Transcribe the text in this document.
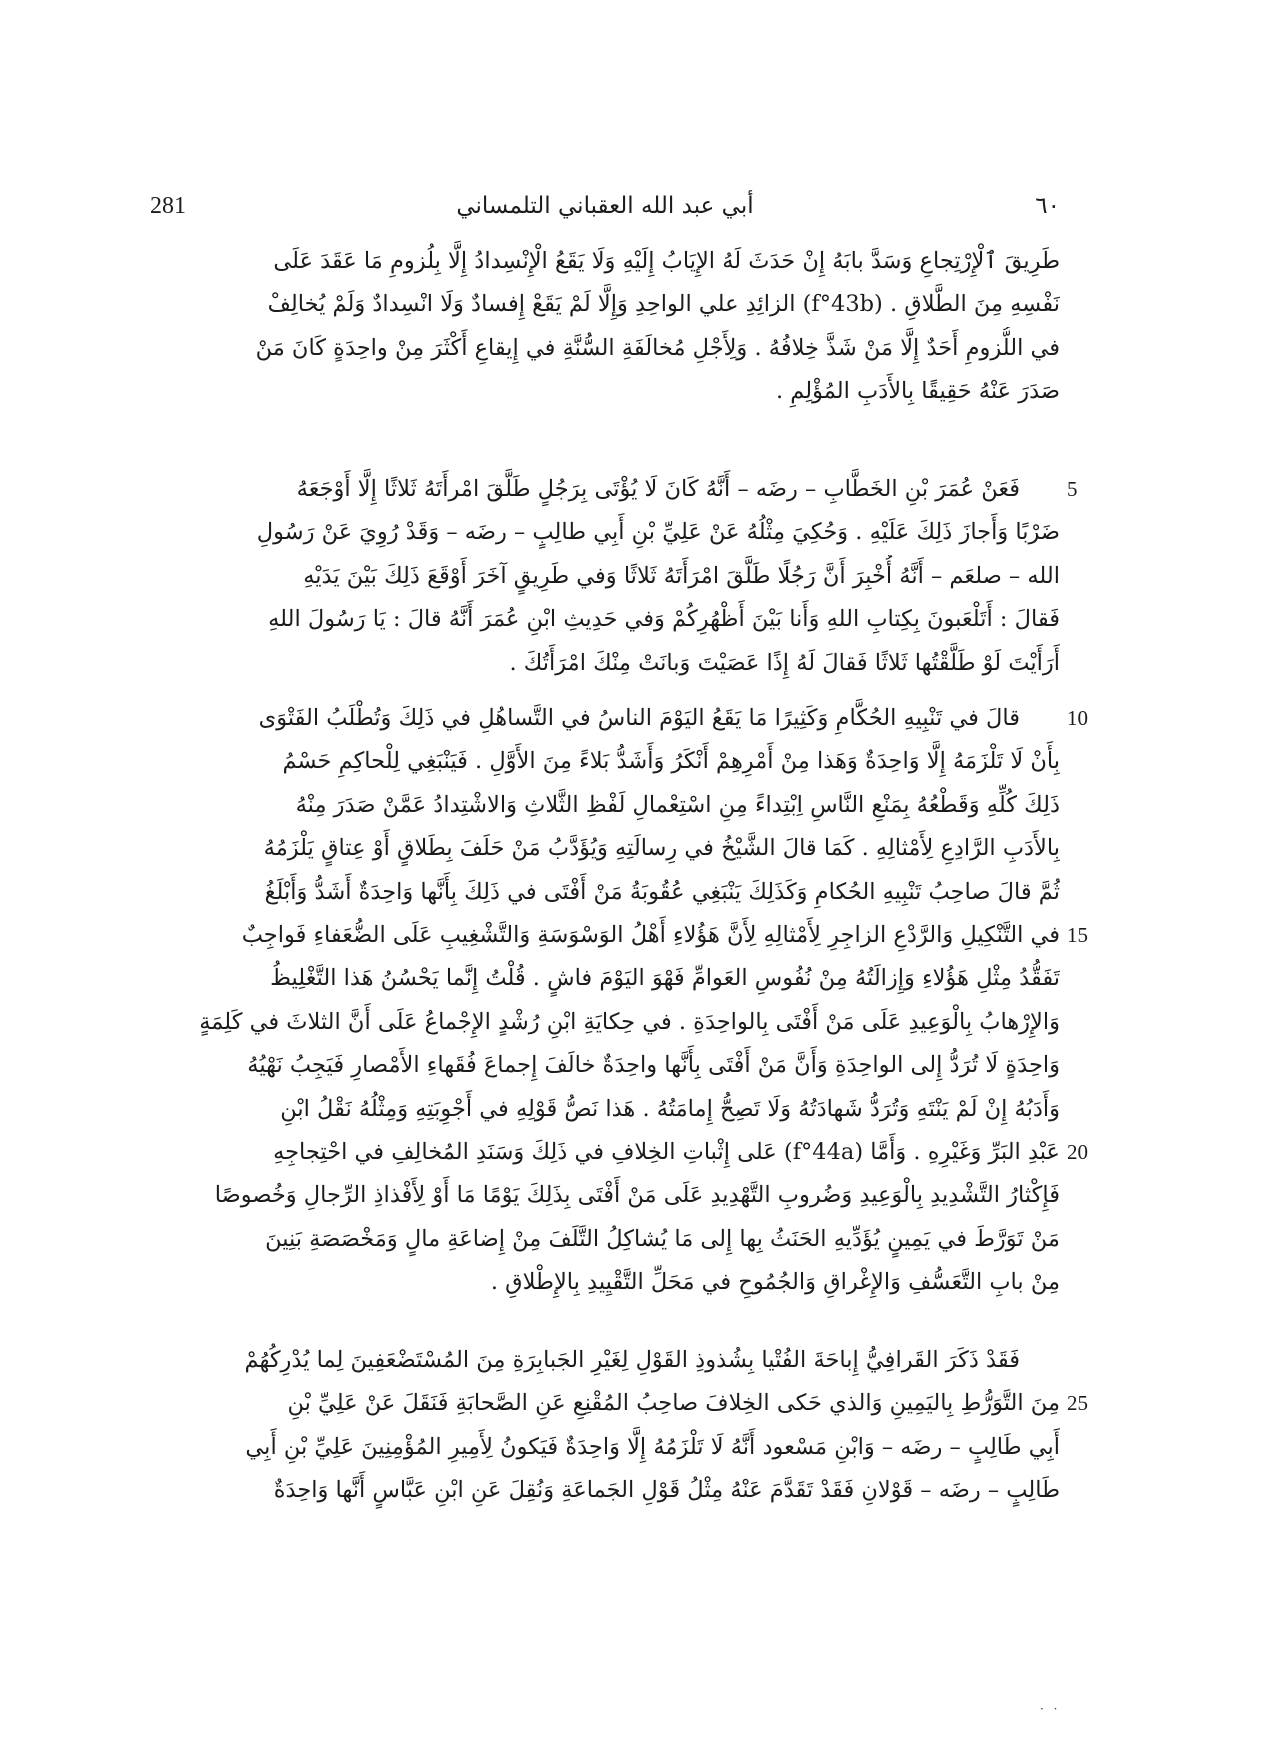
281	أبي عبد الله العقباني التلمساني	٦٠
طَرِيقَ ٱلْإِرْتِجاعِ وَسَدَّ بابَهُ إِنْ حَدَثَ لَهُ الإِيَابُ إِلَيْهِ وَلَا يَقَعُ الْإِنْسِدادُ إِلَّا بِلُزومِ مَا عَقَدَ عَلَى
نَفْسِهِ مِنَ الطَّلاقِ . (f°43b) الزائِدِ علي الواحِدِ وَإِلَّا لَمْ يَقَعْ إِفسادٌ وَلَا انْسِدادٌ وَلَمْ يُخالِفْ
في اللُّزومِ أَحَدٌ إِلَّا مَنْ شَذَّ خِلافُهُ . وَلِأَجْلِ مُخالَفَةِ السُّنَّةِ في إِيقاعِ أَكْثَرَ مِنْ واحِدَةٍ كَانَ مَنْ
صَدَرَ عَنْهُ حَقِيقًا بِالأَدَبِ المُؤْلِمِ .
فَعَنْ عُمَرَ بْنِ الخَطَّابِ – رضَه – أَنَّهُ كَانَ لَا يُؤْتَى بِرَجُلٍ طَلَّقَ امْرأَتَهُ ثَلاثًا إِلَّا أَوْجَعَهُ
ضَرْبًا وَأَجازَ ذَلِكَ عَلَيْهِ . وَحُكِيَ مِثْلُهُ عَنْ عَلِيِّ بْنِ أَبِي طالِبٍ – رضَه – وَقَدْ رُوِيَ عَنْ رَسُولِ
الله – صلعَم – أَنَّهُ أُخْبِرَ أَنَّ رَجُلًا طَلَّقَ امْرَأَتَهُ ثَلاثًا وَفي طَرِيقٍ آخَرَ أَوْقَعَ ذَلِكَ بَيْنَ يَدَيْهِ
فَقالَ : أَتَلْعَبونَ بِكِتابِ اللهِ وَأَنا بَيْنَ أَظْهُرِكُمْ وَفي حَدِيثِ ابْنِ عُمَرَ أَنَّهُ قالَ : يَا رَسُولَ اللهِ
أَرَأَيْتَ لَوْ طَلَّقْتُها ثَلاثًا فَقالَ لَهُ إِذًا عَصَيْتَ وَبانَتْ مِنْكَ امْرَأَتُكَ .
قالَ في تَنْبِيهِ الحُكَّامِ وَكَثِيرًا مَا يَقَعُ اليَوْمَ الناسُ في التَّساهُلِ في ذَلِكَ وَتُطْلَبُ الفَتْوَى
بِأَنْ لَا تَلْزَمَهُ إِلَّا وَاحِدَةٌ وَهَذا مِنْ أَمْرِهِمْ أَنْكَرُ وَأَشَدُّ بَلاءً مِنَ الأَوَّلِ . فَيَنْبَغِي لِلْحاكِمِ حَسْمُ
ذَلِكَ كُلِّهِ وَقَطْعُهُ بِمَنْعِ النَّاسِ اِبْتِداءً مِنِ اسْتِعْمالِ لَفْظِ الثَّلاثِ وَالاشْتِدادُ عَمَّنْ صَدَرَ مِنْهُ
بِالأَدَبِ الرَّادِعِ لِأَمْثالِهِ . كَمَا قالَ الشَّيْخُ في رِسالَتِهِ وَيُؤَدَّبُ مَنْ حَلَفَ بِطَلاقٍ أَوْ عِتاقٍ يَلْزَمُهُ
ثُمَّ قالَ صاحِبُ تَنْبِيهِ الحُكامِ وَكَذَلِكَ يَنْبَغِي عُقُوبَةُ مَنْ أَفْتَى في ذَلِكَ بِأَنَّها وَاحِدَةٌ أَشَدُّ وَأَبْلَغُ
في التَّنْكِيلِ وَالرَّدْعِ الزاجِرِ لِأَمْثالِهِ لِأَنَّ هَؤُلاءِ أَهْلُ الوَسْوَسَةِ وَالتَّشْغِيبِ عَلَى الضُّعَفاءِ فَواجِبٌ
تَفَقُّدُ مِثْلِ هَؤُلاءِ وَإِزالَتُهُ مِنْ نُفُوسِ العَوامِّ فَهْوَ اليَوْمَ فاشٍ . قُلْتُ إِنَّما يَحْسُنُ هَذا التَّغْلِيظُ
وَالإِرْهابُ بِالْوَعِيدِ عَلَى مَنْ أَفْتَى بِالواحِدَةِ . في حِكايَةِ ابْنِ رُشْدٍ الإِجْماعُ عَلَى أَنَّ الثلاثَ في كَلِمَةٍ
وَاحِدَةٍ لَا تُرَدُّ إِلى الواحِدَةِ وَأَنَّ مَنْ أَفْتَى بِأَنَّها واحِدَةٌ خالَفَ إِجماعَ فُقَهاءِ الأَمْصارِ فَيَجِبُ نَهْيُهُ
وَأَدَبُهُ إِنْ لَمْ يَنْتَهِ وَتُرَدُّ شَهادَتُهُ وَلَا تَصِحُّ إِمامَتُهُ . هَذا نَصُّ قَوْلِهِ في أَجْوِبَتِهِ وَمِثْلُهُ نَقْلُ ابْنِ
عَبْدِ البَرِّ وَغَيْرِهِ . وَأَمَّا (f°44a) عَلى إِثْباتِ الخِلافِ في ذَلِكَ وَسَنَدِ المُخالِفِ في احْتِجاجِهِ
فَإِكْثارُ التَّشْدِيدِ بِالْوَعِيدِ وَضُروبِ التَّهْدِيدِ عَلَى مَنْ أَفْتَى بِذَلِكَ يَوْمًا مَا أَوْ لِأَفْذاذِ الرِّجالِ وَخُصوصًا
مَنْ تَوَرَّطَ في يَمِينٍ يُؤَدِّيهِ الحَنَثُ بِها إِلى مَا يُشاكِلُ التَّلَفَ مِنْ إِضاعَةِ مالٍ وَمَخْصَصَةِ بَنِينَ
مِنْ بابِ التَّعَسُّفِ وَالإِغْراقِ وَالجُمُوحِ في مَحَلِّ التَّقْيِيدِ بِالإِطْلاقِ .
فَقَدْ ذَكَرَ القَرافِيُّ إِباحَةَ الفُتْيا بِشُذوذِ القَوْلِ لِغَيْرِ الجَبابِرَةِ مِنَ المُسْتَضْعَفِينَ لِما يُدْرِكُهُمْ
مِنَ التَّوَرُّطِ بِاليَمِينِ وَالذي حَكى الخِلافَ صاحِبُ المُقْنِعِ عَنِ الصَّحابَةِ فَنَقَلَ عَنْ عَلِيِّ بْنِ
أَبِي طَالِبٍ – رضَه – وَابْنِ مَسْعود أَنَّهُ لَا تَلْزَمُهُ إِلَّا وَاحِدَةٌ فَيَكونُ لِأَمِيرِ المُؤْمِنِينَ عَلِيِّ بْنِ أَبِي
طَالِبٍ – رضَه – قَوْلانِ فَقَدْ تَقَدَّمَ عَنْهُ مِثْلُ قَوْلِ الجَماعَةِ وَنُقِلَ عَنِ ابْنِ عَبَّاسٍ أَنَّها وَاحِدَةٌ
5
10
15
20
25
· ·
